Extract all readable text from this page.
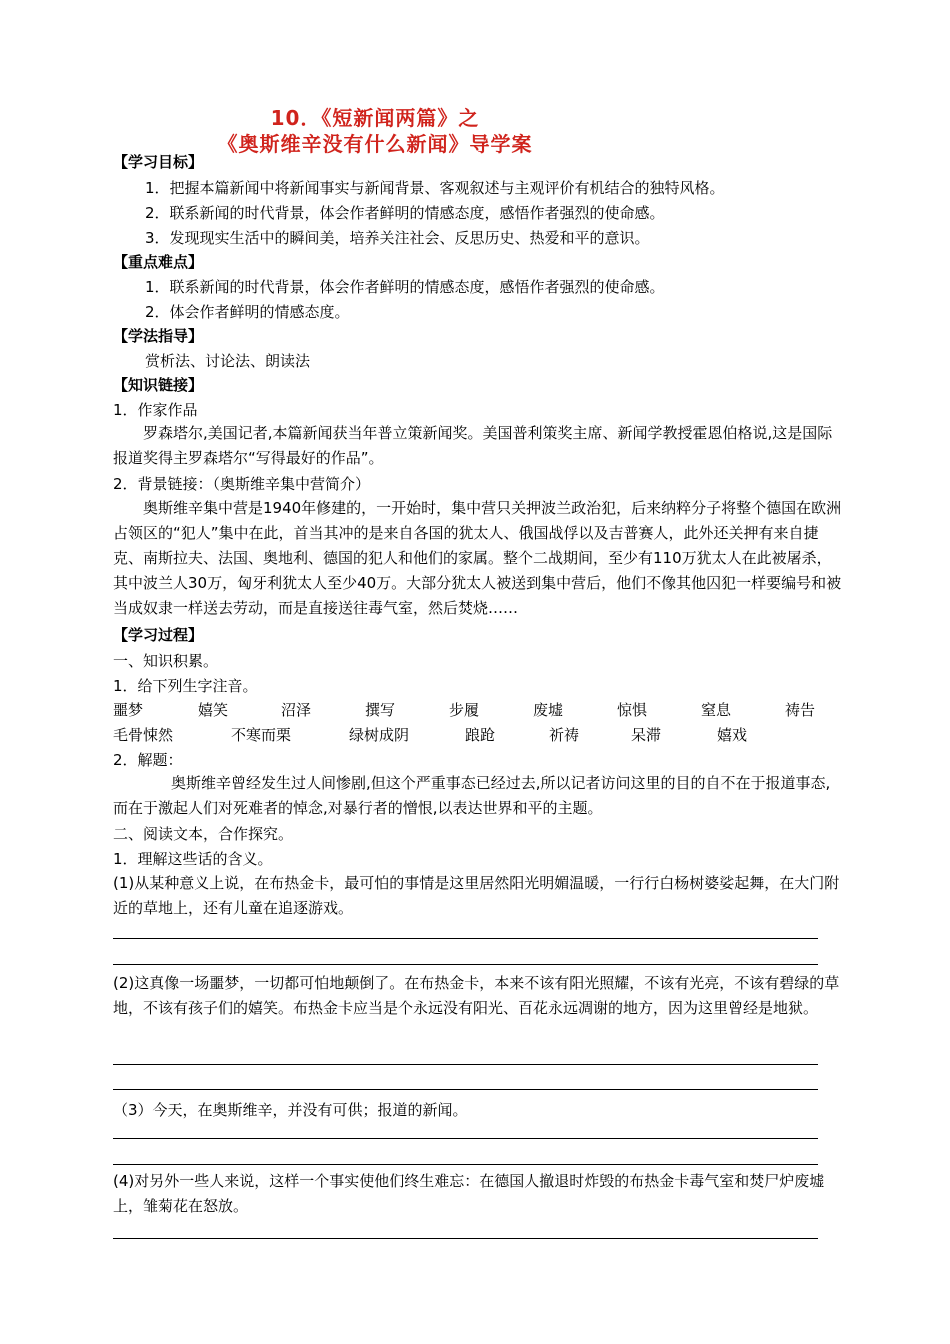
10．《短新闻两篇》之
《奥斯维辛没有什么新闻》导学案
【学习目标】
1．把握本篇新闻中将新闻事实与新闻背景、客观叙述与主观评价有机结合的独特风格。
2．联系新闻的时代背景，体会作者鲜明的情感态度，感悟作者强烈的使命感。
3．发现现实生活中的瞬间美，培养关注社会、反思历史、热爱和平的意识。
【重点难点】
1．联系新闻的时代背景，体会作者鲜明的情感态度，感悟作者强烈的使命感。
2．体会作者鲜明的情感态度。
【学法指导】
赏析法、讨论法、朗读法
【知识链接】
1．作家作品
罗森塔尔,美国记者,本篇新闻获当年普立策新闻奖。美国普利策奖主席、新闻学教授霍恩伯格说,这是国际报道奖得主罗森塔尔“写得最好的作品”。
2．背景链接：（奥斯维辛集中营简介）
奥斯维辛集中营是1940年修建的，一开始时，集中营只关押波兰政治犯，后来纳粹分子将整个德国在欧洲占领区的“犯人”集中在此，首当其冲的是来自各国的犹太人、俄国战俘以及吉普赛人，此外还关押有来自捷克、南斯拉夫、法国、奥地利、德国的犯人和他们的家属。整个二战期间，至少有110万犹太人在此被屠杀，其中波兰人30万，匈牙利犹太人至少40万。大部分犹太人被送到集中营后，他们不像其他囚犯一样要编号和被当成奴隶一样送去劳动，而是直接送往毒气室，然后焚烧……
【学习过程】
一、知识积累。
1．给下列生字注音。
噩梦	嬉笑	沼泽	撰写	步履	废墟	惊惧	窒息	祷告
毛骨悚然	不寒而栗	绿树成阴	踉跄	祈祷	呆滞	嬉戏
2．解题：
奥斯维辛曾经发生过人间惨剧,但这个严重事态已经过去,所以记者访问这里的目的自不在于报道事态,而在于激起人们对死难者的悼念,对暴行者的憎恨,以表达世界和平的主题。
二、阅读文本，合作探究。
1．理解这些话的含义。
(1)从某种意义上说，在布热金卡，最可怕的事情是这里居然阳光明媚温暖，一行行白杨树婆娑起舞，在大门附近的草地上，还有儿童在追逐游戏。
(2)这真像一场噩梦，一切都可怕地颠倒了。在布热金卡，本来不该有阳光照耀，不该有光亮，不该有碧绿的草地，不该有孩子们的嬉笑。布热金卡应当是个永远没有阳光、百花永远凋谢的地方，因为这里曾经是地狱。
（3）今天，在奥斯维辛，并没有可供；报道的新闻。
(4)对另外一些人来说，这样一个事实使他们终生难忘：在德国人撤退时炸毁的布热金卡毒气室和焚尸炉废墟上，雏菊花在怒放。
